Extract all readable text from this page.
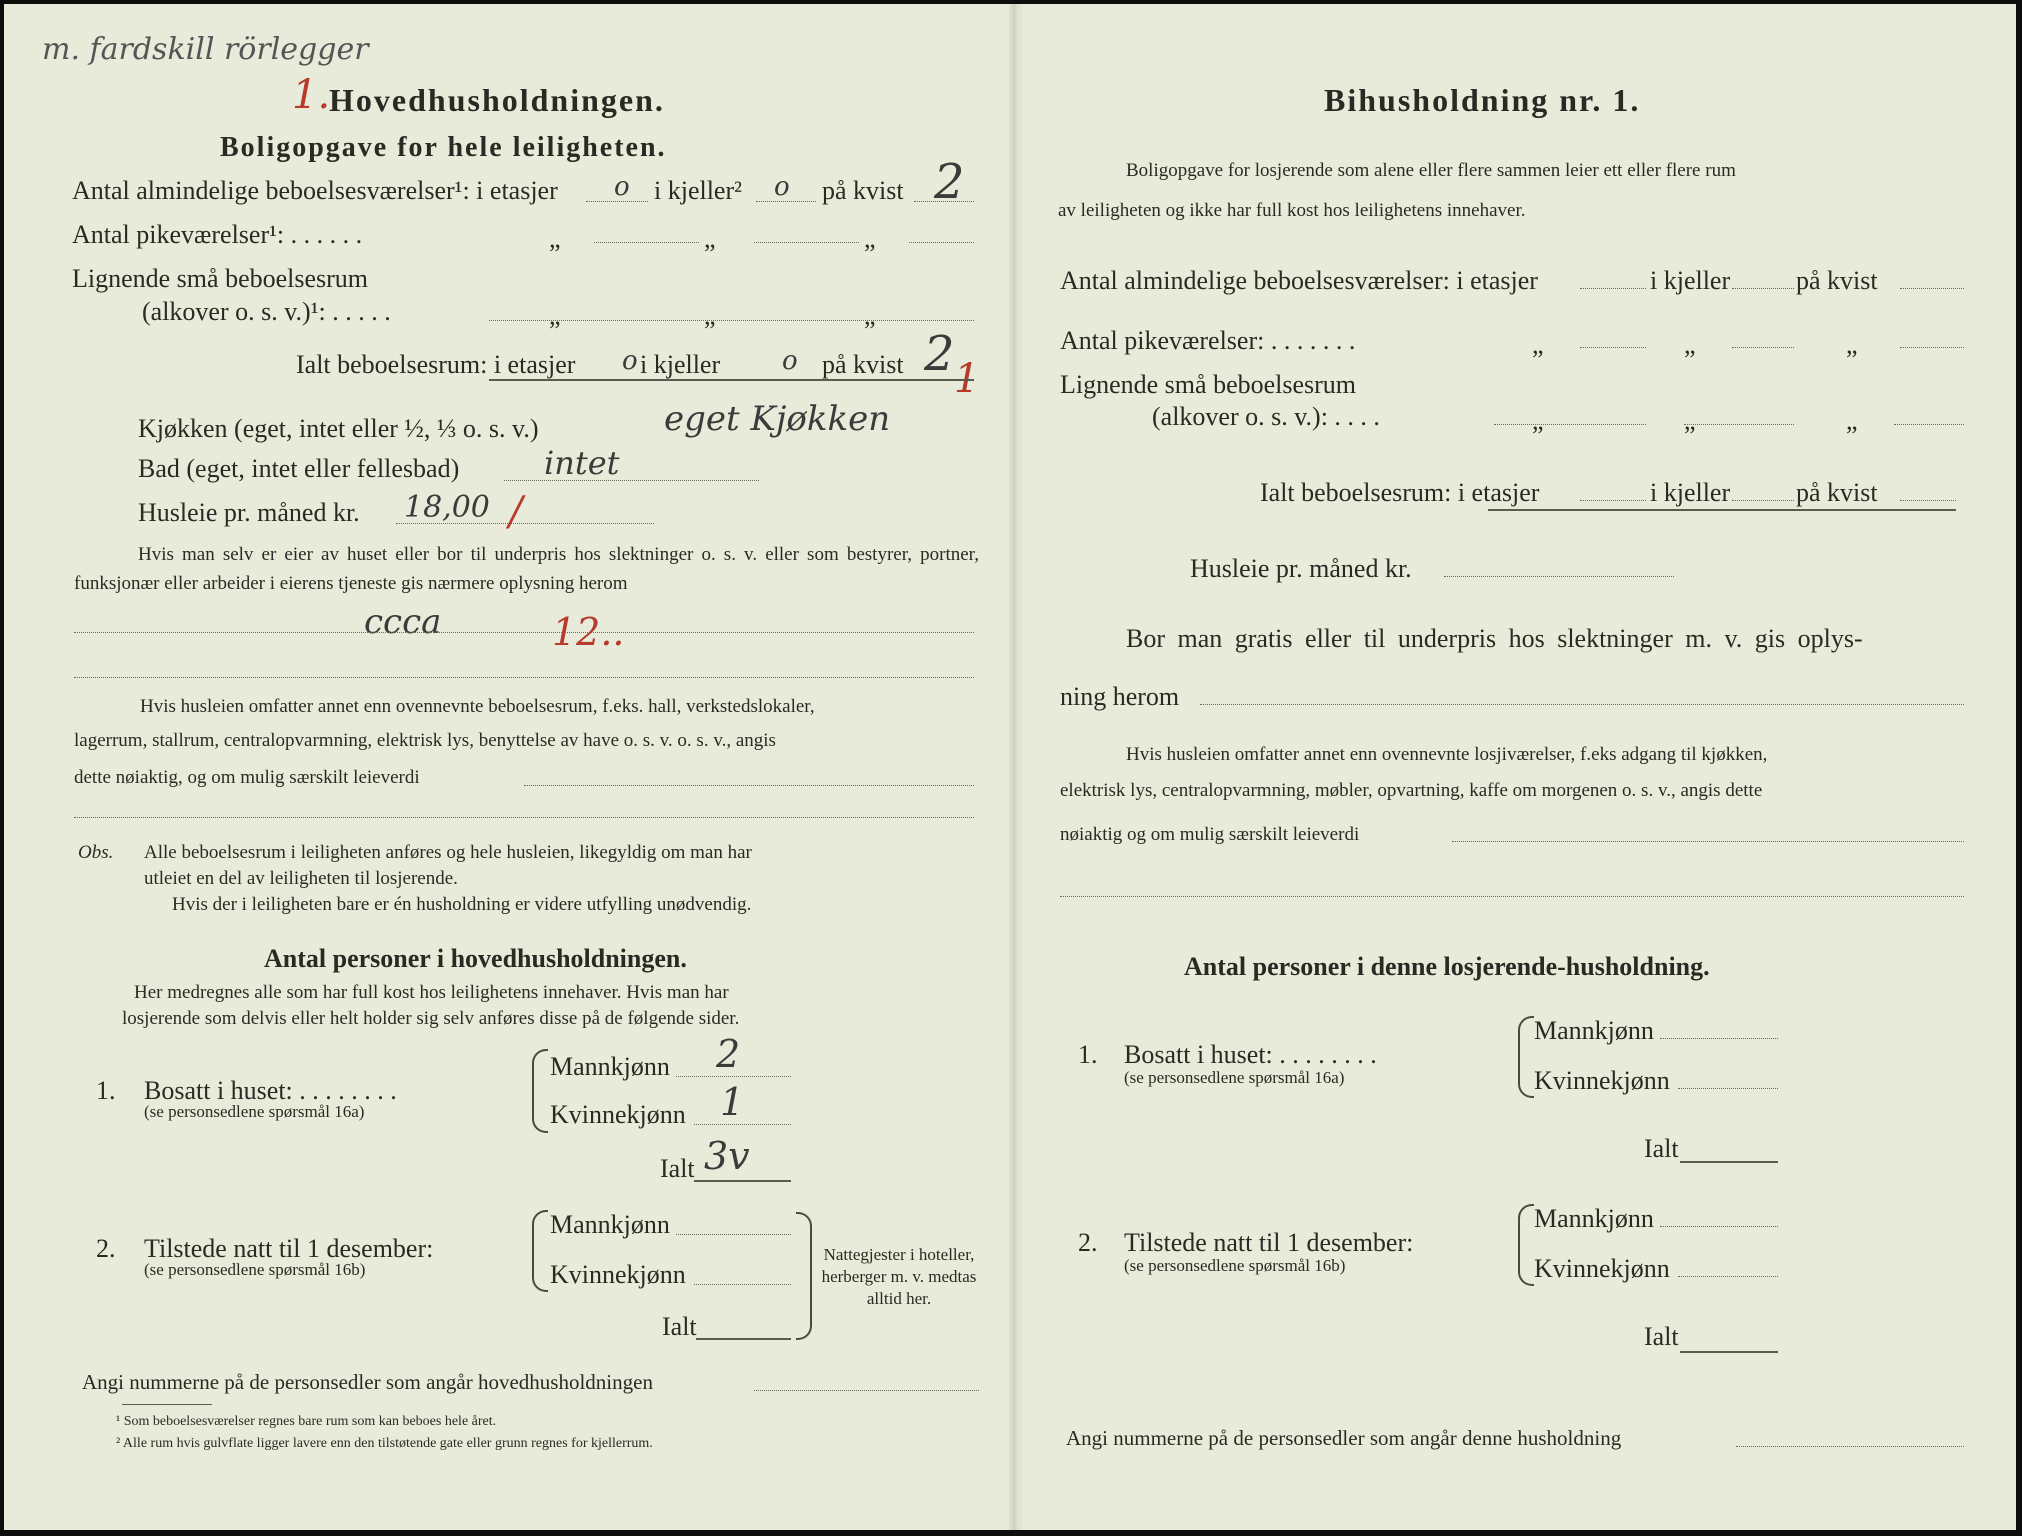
m. fardskill rörlegger
1.
Hovedhusholdningen.
Boligopgave for hele leiligheten.
Antal almindelige beboelsesværelser¹: i etasjer o i kjeller² o på kvist 2
Antal pikeværelser¹: . . . . . .	„	„	„
Lignende små beboelsesrum
(alkover o. s. v.)¹: . . . . .	„	„	„
Ialt beboelsesrum: i etasjer o i kjeller o på kvist 2 1
Kjøkken (eget, intet eller ½, ⅓ o. s. v.)	eget Kjøkken
Bad (eget, intet eller fellesbad)	intet
Husleie pr. måned kr. 18,00 /
Hvis man selv er eier av huset eller bor til underpris hos slektninger o. s. v. eller som bestyrer, portner, funksjonær eller arbeider i eierens tjeneste gis nærmere oplysning herom
ccca	12..
Hvis husleien omfatter annet enn ovennevnte beboelsesrum, f.eks. hall, verkstedslokaler,
lagerrum, stallrum, centralopvarmning, elektrisk lys, benyttelse av have o. s. v. o. s. v., angis
dette nøiaktig, og om mulig særskilt leieverdi
Obs. Alle beboelsesrum i leiligheten anføres og hele husleien, likegyldig om man har
utleiet en del av leiligheten til losjerende.
Hvis der i leiligheten bare er én husholdning er videre utfylling unødvendig.
Antal personer i hovedhusholdningen.
Her medregnes alle som har full kost hos leilighetens innehaver. Hvis man har
losjerende som delvis eller helt holder sig selv anføres disse på de følgende sider.
1. Bosatt i huset: . . . . . . . .
(se personsedlene spørsmål 16a)
Mannkjønn 2
Kvinnekjønn 1
Ialt 3v
2. Tilstede natt til 1 desember:
(se personsedlene spørsmål 16b)
Mannkjønn
Kvinnekjønn
Ialt
Nattegjester i hoteller, herberger m. v. medtas alltid her.
Angi nummerne på de personsedler som angår hovedhusholdningen
¹ Som beboelsesværelser regnes bare rum som kan beboes hele året.
² Alle rum hvis gulvflate ligger lavere enn den tilstøtende gate eller grunn regnes for kjellerrum.
Bihusholdning nr. 1.
Boligopgave for losjerende som alene eller flere sammen leier ett eller flere rum
av leiligheten og ikke har full kost hos leilighetens innehaver.
Antal almindelige beboelsesværelser: i etasjer	i kjeller	på kvist
Antal pikeværelser: . . . . . . .	„	„	„
Lignende små beboelsesrum
(alkover o. s. v.): . . . .	„	„	„
Ialt beboelsesrum: i etasjer	i kjeller	på kvist
Husleie pr. måned kr.
Bor man gratis eller til underpris hos slektninger m. v. gis oplys-
ning herom
Hvis husleien omfatter annet enn ovennevnte losjiværelser, f.eks adgang til kjøkken,
elektrisk lys, centralopvarmning, møbler, opvartning, kaffe om morgenen o. s. v., angis dette
nøiaktig og om mulig særskilt leieverdi
Antal personer i denne losjerende-husholdning.
1. Bosatt i huset: . . . . . . . .
(se personsedlene spørsmål 16a)
Mannkjønn
Kvinnekjønn
Ialt
2. Tilstede natt til 1 desember:
(se personsedlene spørsmål 16b)
Mannkjønn
Kvinnekjønn
Ialt
Angi nummerne på de personsedler som angår denne husholdning
